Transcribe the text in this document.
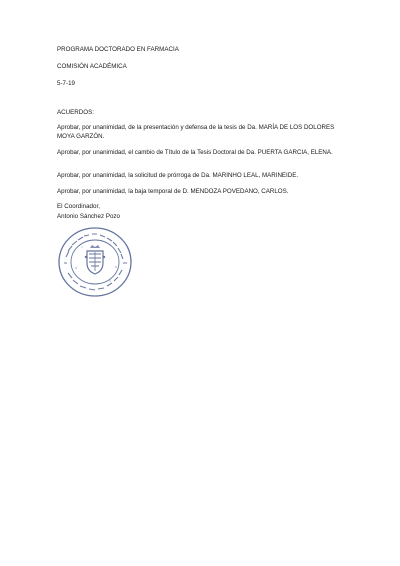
PROGRAMA DOCTORADO EN FARMACIA
COMISIÓN ACADÉMICA
5-7-19
ACUERDOS:
Aprobar, por unanimidad, de la presentación y defensa de la tesis de Da. MARÍA DE LOS DOLORES MOYA GARZÓN.
Aprobar, por unanimidad, el cambio de Título de la Tesis Doctoral de Da. PUERTA GARCIA, ELENA.
Aprobar, por unanimidad, la solicitud de prórroga de Da. MARINHO LEAL, MARINEIDE.
Aprobar, por unanimidad, la baja temporal de D. MENDOZA POVEDANO, CARLOS.
El Coordinador,
Antonio Sánchez Pozo
